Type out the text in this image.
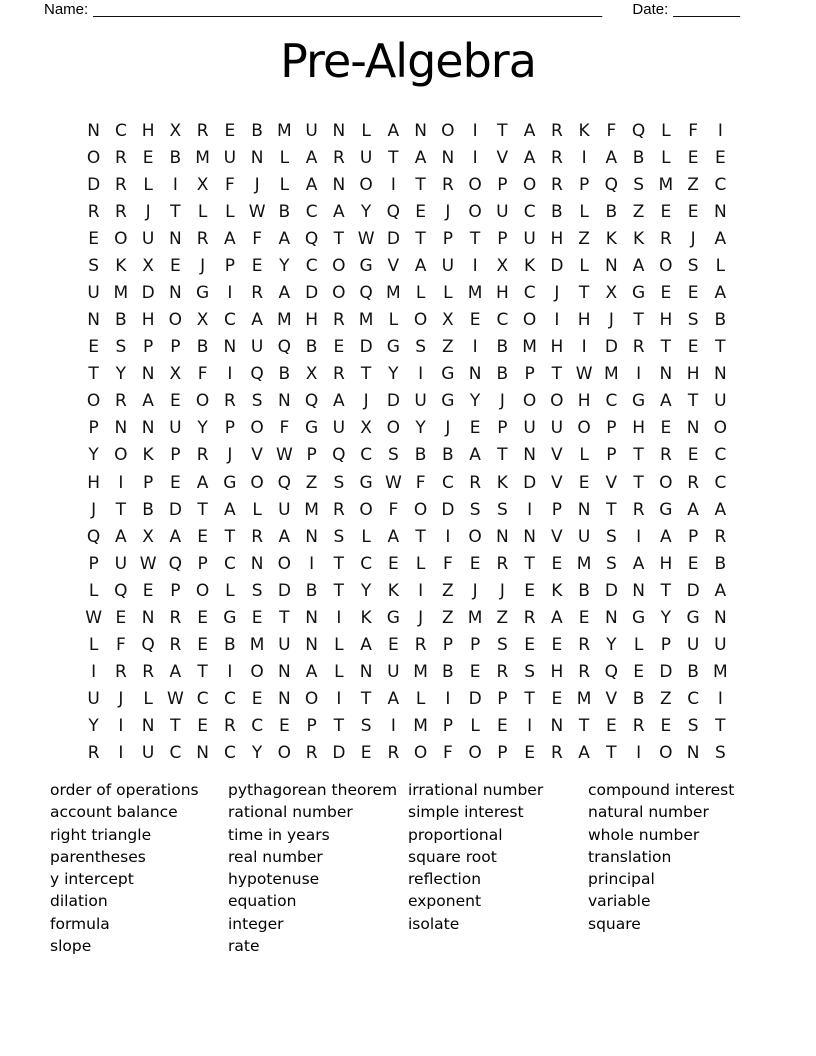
Name: _____________________________________________________________ Date: ________
Pre-Algebra
N C H X R E B M U N L A N O	I	T A R K F Q L	F	I
O R E B M U N L A R U T A N	I	V A R	I	A B L	E E
D R L	I	X F	J	L A N O	I	T R O P O R P Q S M Z C
R R	J	T	L	L W B C A Y Q E	J	O U C B L B Z E E N
E O U N R A F A Q T W D T P T P U H Z K K R	J	A
S K X E	J	P E Y C O G V A U	I	X K D L N A O S	L
U M D N G	I	R A D O Q M L	L M H C	J	T X G E E A
N B H O X C A M H R M L O X E C O	I	H	J	T H S B
E S P P B N U Q B E D G S Z	I	B M H	I	D R T E T
T Y N X F	I	Q B X R T Y	I	G N B P T W M	I	N H N
O R A E O R S N Q A	J	D U G Y	J	O O H C G A T U
P N N U Y P O F G U X O Y	J	E P U U O P H E N O
Y O K P R	J	V W P Q C S B B A T N V L	P T R E C
H	I	P E A G O Q Z S G W F C R K D V E V T O R C
J	T B D T A L U M R O F O D S S	I	P N T R G A A
Q A X A E T R A N S	L A T	I	O N N V U S	I	A P R
P U W Q P C N O	I	T C E	L	F E R T E M S A H E B
L Q E P O L	S D B T Y K	I	Z	J	J	E K B D N T D A
W E N R E G E T N	I	K G	J	Z M Z R A E N G Y G N
L	F Q R E B M U N L A E R P P S E E R Y	L	P U U
I	R R A T	I	O N A L N U M B E R S H R Q E D B M
U	J	L W C C E N O	I	T A L	I	D P T E M V B Z C	I
Y	I	N T E R C E P T S	I	M P	L	E	I	N T E R E S T
R	I	U C N C Y O R D E R O F O P E R A T	I	O N S
order of operations
account balance
right triangle
parentheses
y intercept
dilation
formula
slope
pythagorean theorem
rational number
time in years
real number
hypotenuse
equation
integer
rate
irrational number
simple interest
proportional
square root
reflection
exponent
isolate
compound interest
natural number
whole number
translation
principal
variable
square
